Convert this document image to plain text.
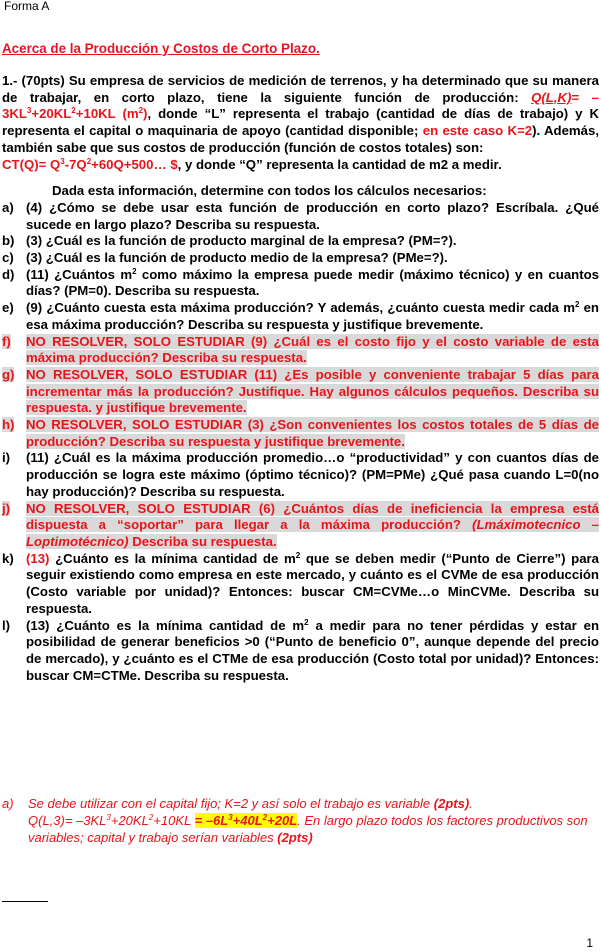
Forma A
Acerca de la Producción y Costos de Corto Plazo.
1.- (70pts) Su empresa de servicios de medición de terrenos, y ha determinado que su manera de trabajar, en corto plazo, tiene la siguiente función de producción: $Q(L,K)= -3KL^3+20KL^2+10KL$ $(m^2)$, donde “L” representa el trabajo (cantidad de días de trabajo) y K representa el capital o maquinaria de apoyo (cantidad disponible; en este caso K=2). Además, también sabe que sus costos de producción (función de costos totales) son:
$CT(Q)= Q^3-7Q^2+60Q+500\dots$ $, y donde “Q” representa la cantidad de m2 a medir.
Dada esta información, determine con todos los cálculos necesarios:
a) (4) ¿Cómo se debe usar esta función de producción en corto plazo? Escríbala. ¿Qué sucede en largo plazo? Describa su respuesta.
b) (3) ¿Cuál es la función de producto marginal de la empresa? (PM=?).
c) (3) ¿Cuál es la función de producto medio de la empresa? (PMe=?).
d) (11) ¿Cuántos $m^2$ como máximo la empresa puede medir (máximo técnico) y en cuantos días? (PM=0). Describa su respuesta.
e) (9) ¿Cuánto cuesta esta máxima producción? Y además, ¿cuánto cuesta medir cada $m^2$ en esa máxima producción? Describa su respuesta y justifique brevemente.
f)	NO RESOLVER, SOLO ESTUDIAR (9) ¿Cuál es el costo fijo y el costo variable de esta máxima producción? Describa su respuesta.
g) NO RESOLVER, SOLO ESTUDIAR (11) ¿Es posible y conveniente trabajar 5 días para incrementar más la producción? Justifique. Hay algunos cálculos pequeños. Describa su respuesta. y justifique brevemente.
h) NO RESOLVER, SOLO ESTUDIAR (3) ¿Son convenientes los costos totales de 5 días de producción? Describa su respuesta y justifique brevemente.
i)	(11) ¿Cuál es la máxima producción promedio…o “productividad” y con cuantos días de producción se logra este máximo (óptimo técnico)? (PM=PMe) ¿Qué pasa cuando L=0(no hay producción)? Describa su respuesta.
j)	NO RESOLVER, SOLO ESTUDIAR (6) ¿Cuántos días de ineficiencia la empresa está dispuesta a “soportar” para llegar a la máxima producción? (Lmáximotecnico – Loptimotécnico) Describa su respuesta.
k) (13) ¿Cuánto es la mínima cantidad de $m^2$ que se deben medir (“Punto de Cierre”) para seguir existiendo como empresa en este mercado, y cuánto es el CVMe de esa producción (Costo variable por unidad)? Entonces: buscar CM=CVMe…o MinCVMe. Describa su respuesta.
l)	(13) ¿Cuánto es la mínima cantidad de $m^2$ a medir para no tener pérdidas y estar en posibilidad de generar beneficios >0 (“Punto de beneficio 0”, aunque depende del precio de mercado), y ¿cuánto es el CTMe de esa producción (Costo total por unidad)? Entonces: buscar CM=CTMe. Describa su respuesta.
a)	Se debe utilizar con el capital fijo; K=2 y así solo el trabajo es variable (2pts).
$Q(L,3)= -3KL^3+20KL^2+10KL = -6L^3+40L^2+20L$. En largo plazo todos los factores productivos son variables; capital y trabajo serían variables (2pts)
1
